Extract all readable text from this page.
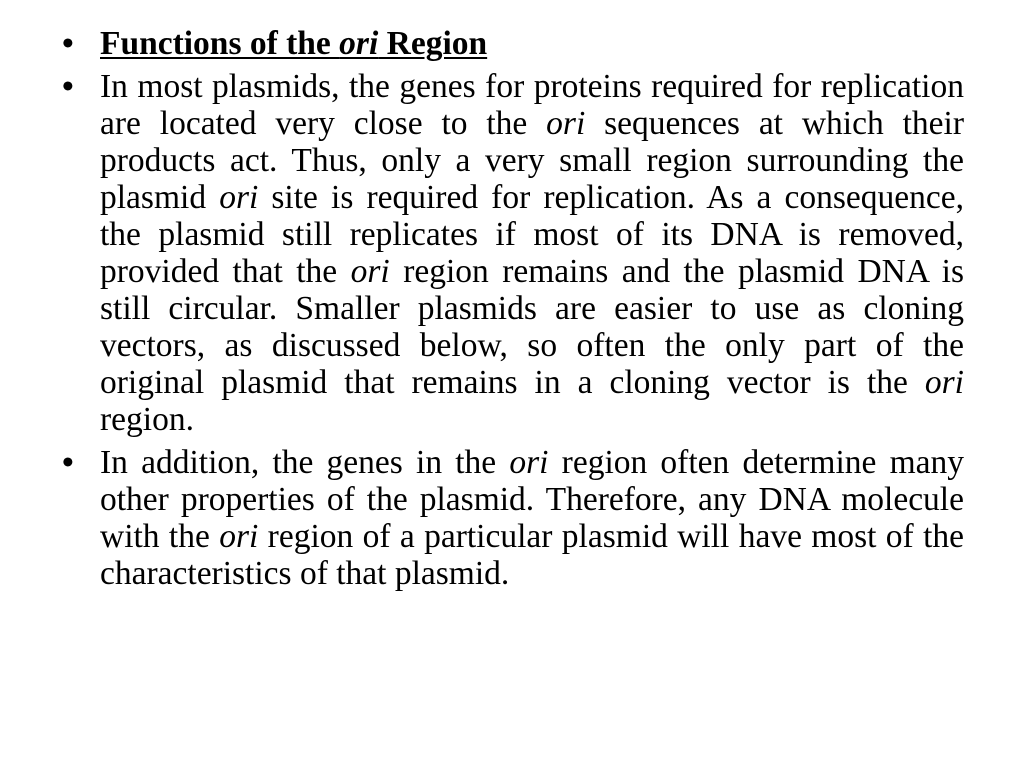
• Functions of the ori Region
• In most plasmids, the genes for proteins required for replication are located very close to the ori sequences at which their products act. Thus, only a very small region surrounding the plasmid ori site is required for replication. As a consequence, the plasmid still replicates if most of its DNA is removed, provided that the ori region remains and the plasmid DNA is still circular. Smaller plasmids are easier to use as cloning vectors, as discussed below, so often the only part of the original plasmid that remains in a cloning vector is the ori region.
• In addition, the genes in the ori region often determine many other properties of the plasmid. Therefore, any DNA molecule with the ori region of a particular plasmid will have most of the characteristics of that plasmid.
